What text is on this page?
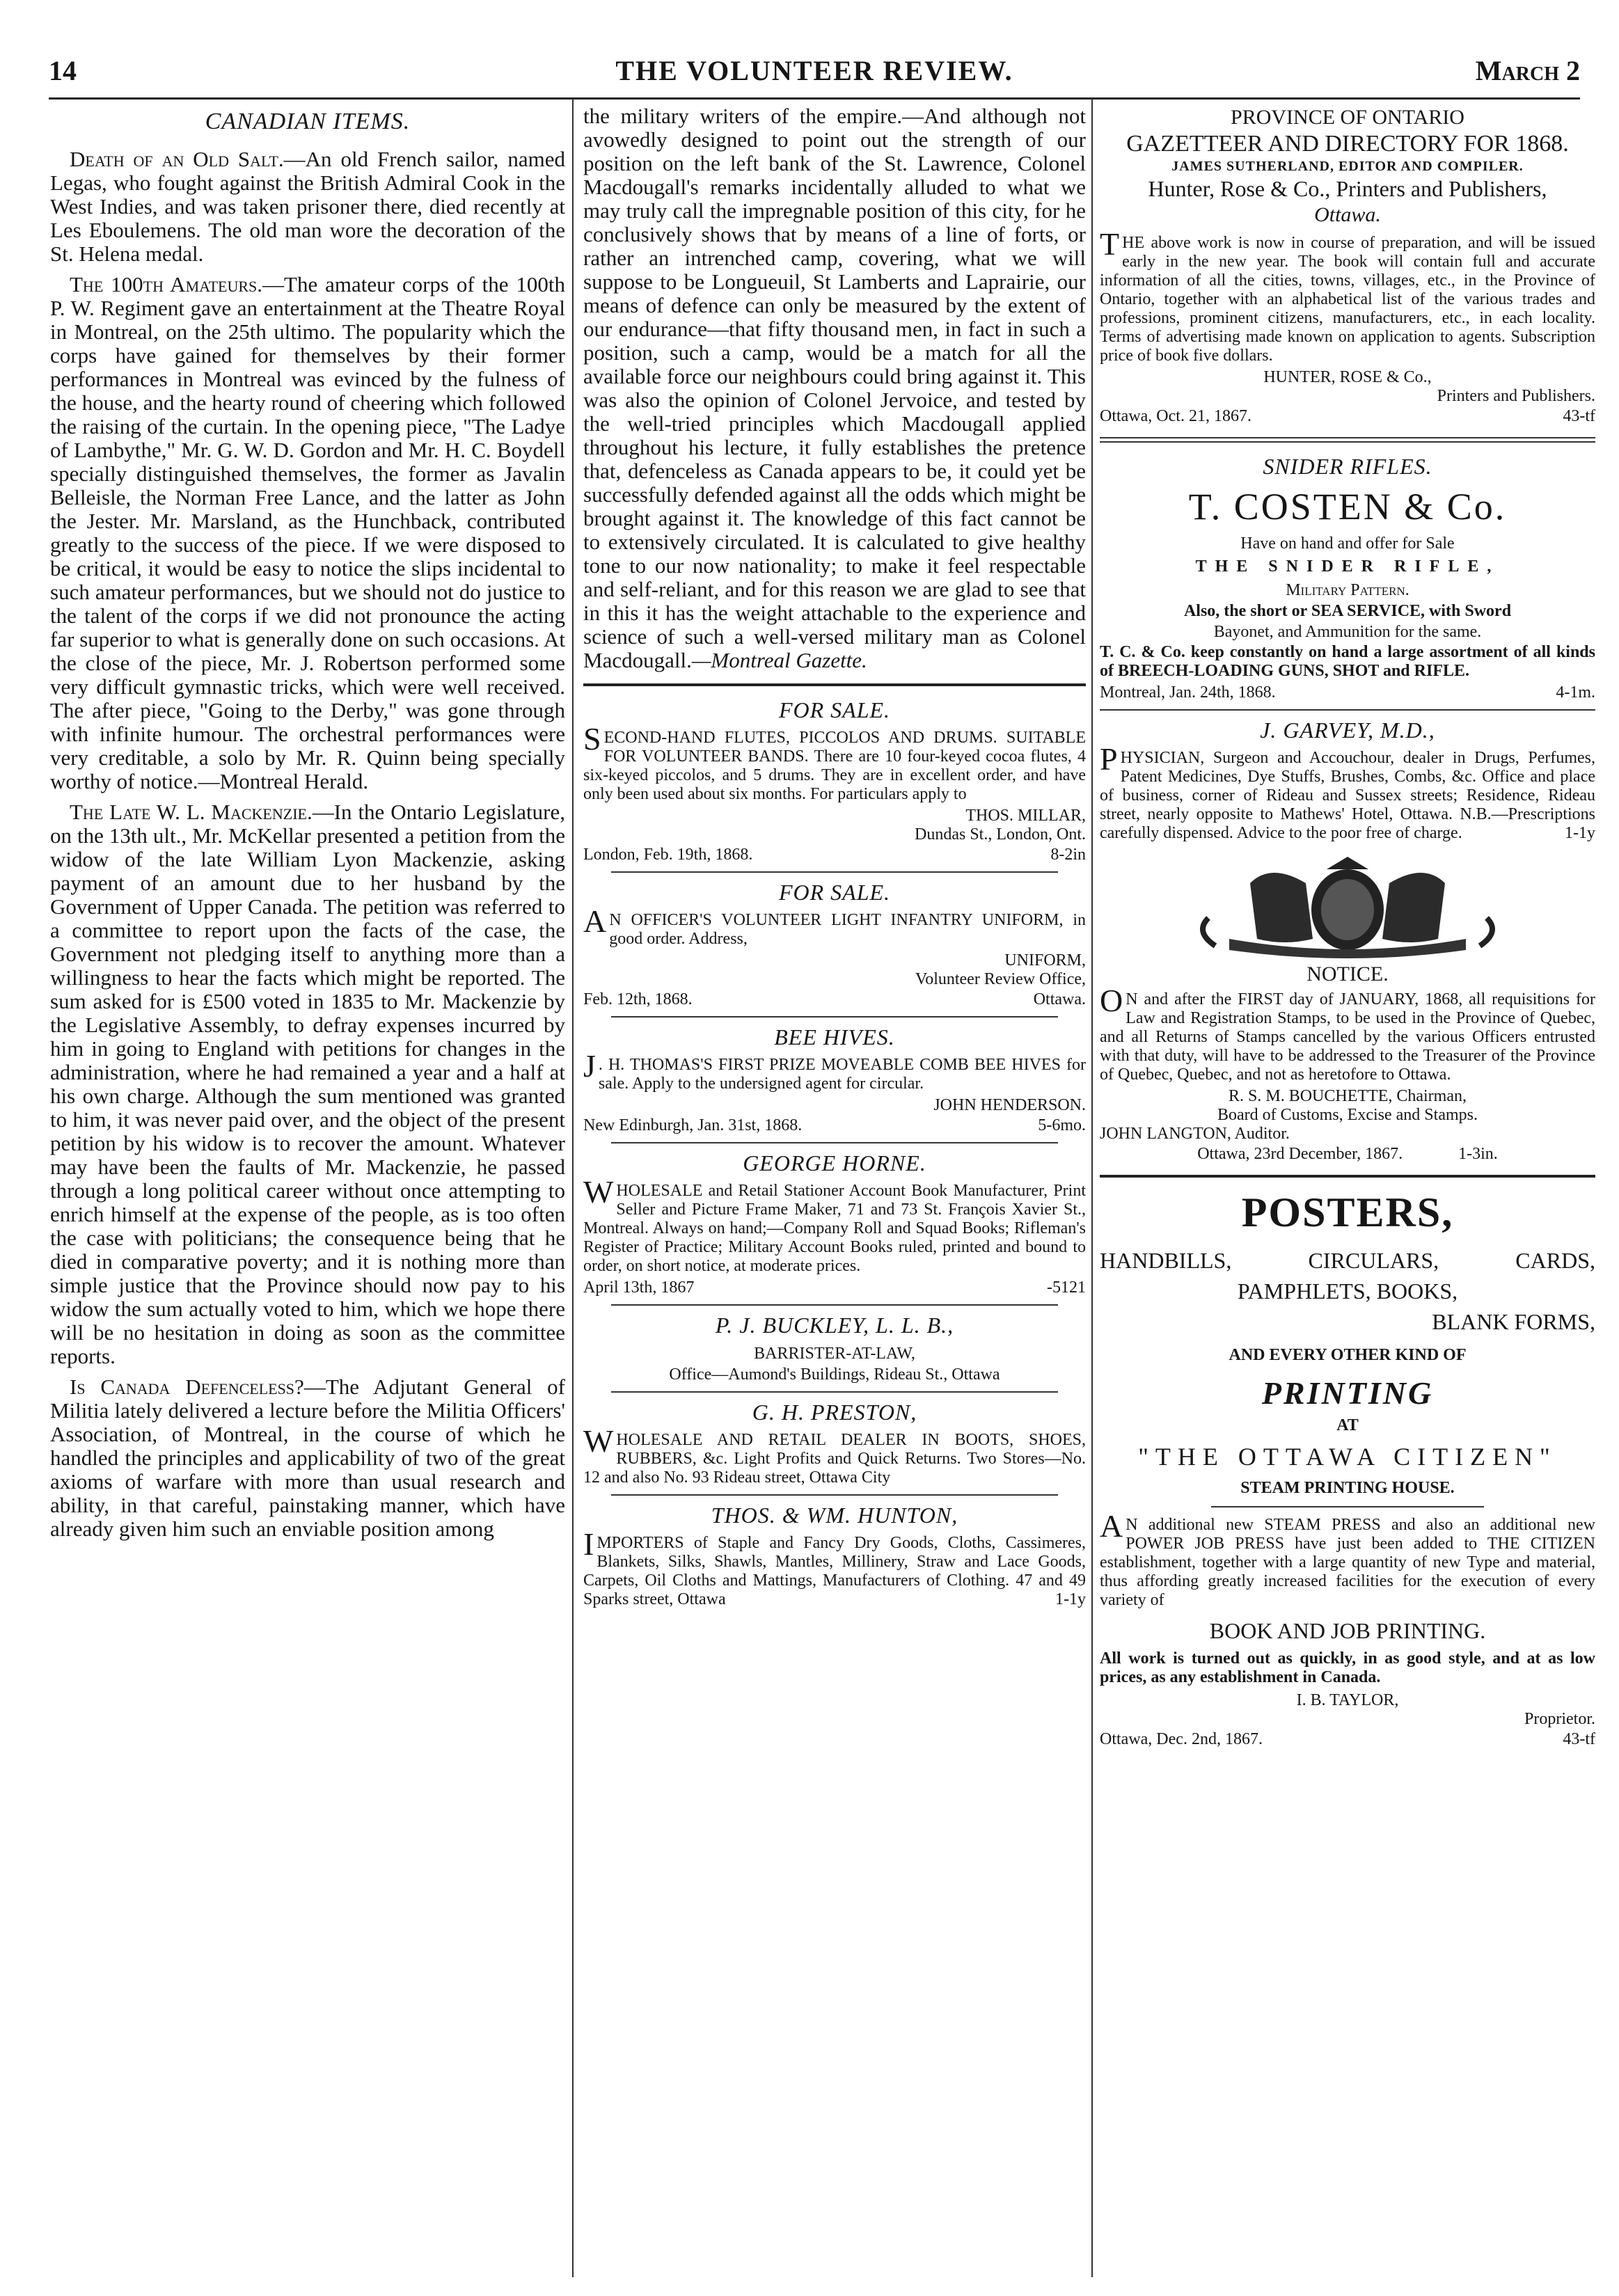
14	THE VOLUNTEER REVIEW.	March 2
CANADIAN ITEMS.

Death of an Old Salt.—An old French sailor, named Legas, who fought against the British Admiral Cook in the West Indies, and was taken prisoner there, died recently at Les Eboulemens. The old man wore the decoration of the St. Helena medal.

The 100th Amateurs.—The amateur corps of the 100th P. W. Regiment gave an entertainment at the Theatre Royal in Montreal, on the 25th ultimo. The popularity which the corps have gained for themselves by their former performances in Montreal was evinced by the fulness of the house, and the hearty round of cheering which followed the raising of the curtain. In the opening piece, "The Ladye of Lambythe," Mr. G. W. D. Gordon and Mr. H. C. Boydell specially distinguished themselves, the former as Javalin Belleisle, the Norman Free Lance, and the latter as John the Jester. Mr. Marsland, as the Hunchback, contributed greatly to the success of the piece. If we were disposed to be critical, it would be easy to notice the slips incidental to such amateur performances, but we should not do justice to the talent of the corps if we did not pronounce the acting far superior to what is generally done on such occasions. At the close of the piece, Mr. J. Robertson performed some very difficult gymnastic tricks, which were well received. The after piece, "Going to the Derby," was gone through with infinite humour. The orchestral performances were very creditable, a solo by Mr. R. Quinn being specially worthy of notice.—Montreal Herald.

The Late W. L. Mackenzie.—In the Ontario Legislature, on the 13th ult., Mr. McKellar presented a petition from the widow of the late William Lyon Mackenzie, asking payment of an amount due to her husband by the Government of Upper Canada. The petition was referred to a committee to report upon the facts of the case, the Government not pledging itself to anything more than a willingness to hear the facts which might be reported. The sum asked for is £500 voted in 1835 to Mr. Mackenzie by the Legislative Assembly, to defray expenses incurred by him in going to England with petitions for changes in the administration, where he had remained a year and a half at his own charge. Although the sum mentioned was granted to him, it was never paid over, and the object of the present petition by his widow is to recover the amount. Whatever may have been the faults of Mr. Mackenzie, he passed through a long political career without once attempting to enrich himself at the expense of the people, as is too often the case with politicians; the consequence being that he died in comparative poverty; and it is nothing more than simple justice that the Province should now pay to his widow the sum actually voted to him, which we hope there will be no hesitation in doing as soon as the committee reports.

Is Canada Defenceless?—The Adjutant General of Militia lately delivered a lecture before the Militia Officers' Association, of Montreal, in the course of which he handled the principles and applicability of two of the great axioms of warfare with more than usual research and ability, in that careful, painstaking manner, which have already given him such an enviable position among

the military writers of the empire.—And although not avowedly designed to point out the strength of our position on the left bank of the St. Lawrence, Colonel Macdougall's remarks incidentally alluded to what we may truly call the impregnable position of this city, for he conclusively shows that by means of a line of forts, or rather an intrenched camp, covering, what we will suppose to be Longueuil, St Lamberts and Laprairie, our means of defence can only be measured by the extent of our endurance—that fifty thousand men, in fact in such a position, such a camp, would be a match for all the available force our neighbours could bring against it. This was also the opinion of Colonel Jervoice, and tested by the well-tried principles which Macdougall applied throughout his lecture, it fully establishes the pretence that, defenceless as Canada appears to be, it could yet be successfully defended against all the odds which might be brought against it. The knowledge of this fact cannot be to extensively circulated. It is calculated to give healthy tone to our now nationality; to make it feel respectable and self-reliant, and for this reason we are glad to see that in this it has the weight attachable to the experience and science of such a well-versed military man as Colonel Macdougall.—Montreal Gazette.
FOR SALE.
SECOND-HAND FLUTES, PICCOLOS AND DRUMS. SUITABLE FOR VOLUNTEER BANDS. There are 10 four-keyed cocoa flutes, 4 six-keyed piccolos, and 5 drums. They are in excellent order, and have only been used about six months. For particulars apply to
THOS. MILLAR,
Dundas St., London, Ont.
London, Feb. 19th, 1868.	8-2in
FOR SALE.
A N OFFICER'S VOLUNTEER LIGHT INFANTRY UNIFORM, in good order. Address,
UNIFORM,
Volunteer Review Office,
Feb. 12th, 1868.	Ottawa.
BEE HIVES.
J . H. THOMAS'S FIRST PRIZE MOVEABLE COMB BEE HIVES for sale. Apply to the undersigned agent for circular.
JOHN HENDERSON.
New Edinburgh, Jan. 31st, 1868.	5-6mo.
GEORGE HORNE.
WHOLESALE and Retail Stationer Account Book Manufacturer, Print Seller and Picture Frame Maker, 71 and 73 St. François Xavier St., Montreal. Always on hand;—Company Roll and Squad Books; Rifleman's Register of Practice; Military Account Books ruled, printed and bound to order, on short notice, at moderate prices.
April 13th, 1867	-5121
P. J. BUCKLEY, L. L. B.,
BARRISTER-AT-LAW,
Office—Aumond's Buildings, Rideau St., Ottawa
G. H. PRESTON,
WHOLESALE AND RETAIL DEALER IN BOOTS, SHOES, RUBBERS, &c. Light Profits and Quick Returns. Two Stores—No. 12 and also No. 93 Rideau street, Ottawa City
THOS. & WM. HUNTON,
IMPORTERS of Staple and Fancy Dry Goods, Cloths, Cassimeres, Blankets, Silks, Shawls, Mantles, Millinery, Straw and Lace Goods, Carpets, Oil Cloths and Mattings, Manufacturers of Clothing. 47 and 49 Sparks street, Ottawa	1-1y
PROVINCE OF ONTARIO
GAZETTEER AND DIRECTORY FOR 1868.
JAMES SUTHERLAND, EDITOR AND COMPILER.
Hunter, Rose & Co., Printers and Publishers,
Ottawa.
THE above work is now in course of preparation, and will be issued early in the new year. The book will contain full and accurate information of all the cities, towns, villages, etc., in the Province of Ontario, together with an alphabetical list of the various trades and professions, prominent citizens, manufacturers, etc., in each locality. Terms of advertising made known on application to agents. Subscription price of book five dollars.
HUNTER, ROSE & Co.,
Printers and Publishers.
Ottawa, Oct. 21, 1867.	43-tf
SNIDER RIFLES.
T. COSTEN & Co.
Have on hand and offer for Sale
THE SNIDER RIFLE,
Military Pattern.
Also, the short or SEA SERVICE, with Sword
Bayonet, and Ammunition for the same.
T. C. & Co. keep constantly on hand a large assortment of all kinds of BREECH-LOADING GUNS, SHOT and RIFLE.
Montreal, Jan. 24th, 1868.	4-1m.
J. GARVEY, M.D.,
PHYSICIAN, Surgeon and Accouchour, dealer in Drugs, Perfumes, Patent Medicines, Dye Stuffs, Brushes, Combs, &c. Office and place of business, corner of Rideau and Sussex streets; Residence, Rideau street, nearly opposite to Mathews' Hotel, Ottawa. N.B.—Prescriptions carefully dispensed. Advice to the poor free of charge.	1-1y
NOTICE.
O N and after the FIRST day of JANUARY, 1868, all requisitions for Law and Registration Stamps, to be used in the Province of Quebec, and all Returns of Stamps cancelled by the various Officers entrusted with that duty, will have to be addressed to the Treasurer of the Province of Quebec, Quebec, and not as heretofore to Ottawa.
R. S. M. BOUCHETTE, Chairman,
Board of Customs, Excise and Stamps.
JOHN LANGTON, Auditor.
Ottawa, 23rd December, 1867.	1-3in.
POSTERS,
HANDBILLS,	CIRCULARS,	CARDS,
PAMPHLETS, BOOKS,
BLANK FORMS,
AND EVERY OTHER KIND OF
PRINTING
AT
"THE OTTAWA CITIZEN"
STEAM PRINTING HOUSE.
A N additional new STEAM PRESS and also an additional new POWER JOB PRESS have just been added to THE CITIZEN establishment, together with a large quantity of new Type and material, thus affording greatly increased facilities for the execution of every variety of
BOOK AND JOB PRINTING.
All work is turned out as quickly, in as good style, and at as low prices, as any establishment in Canada.
I. B. TAYLOR,
Proprietor.
Ottawa, Dec. 2nd, 1867.	43-tf
